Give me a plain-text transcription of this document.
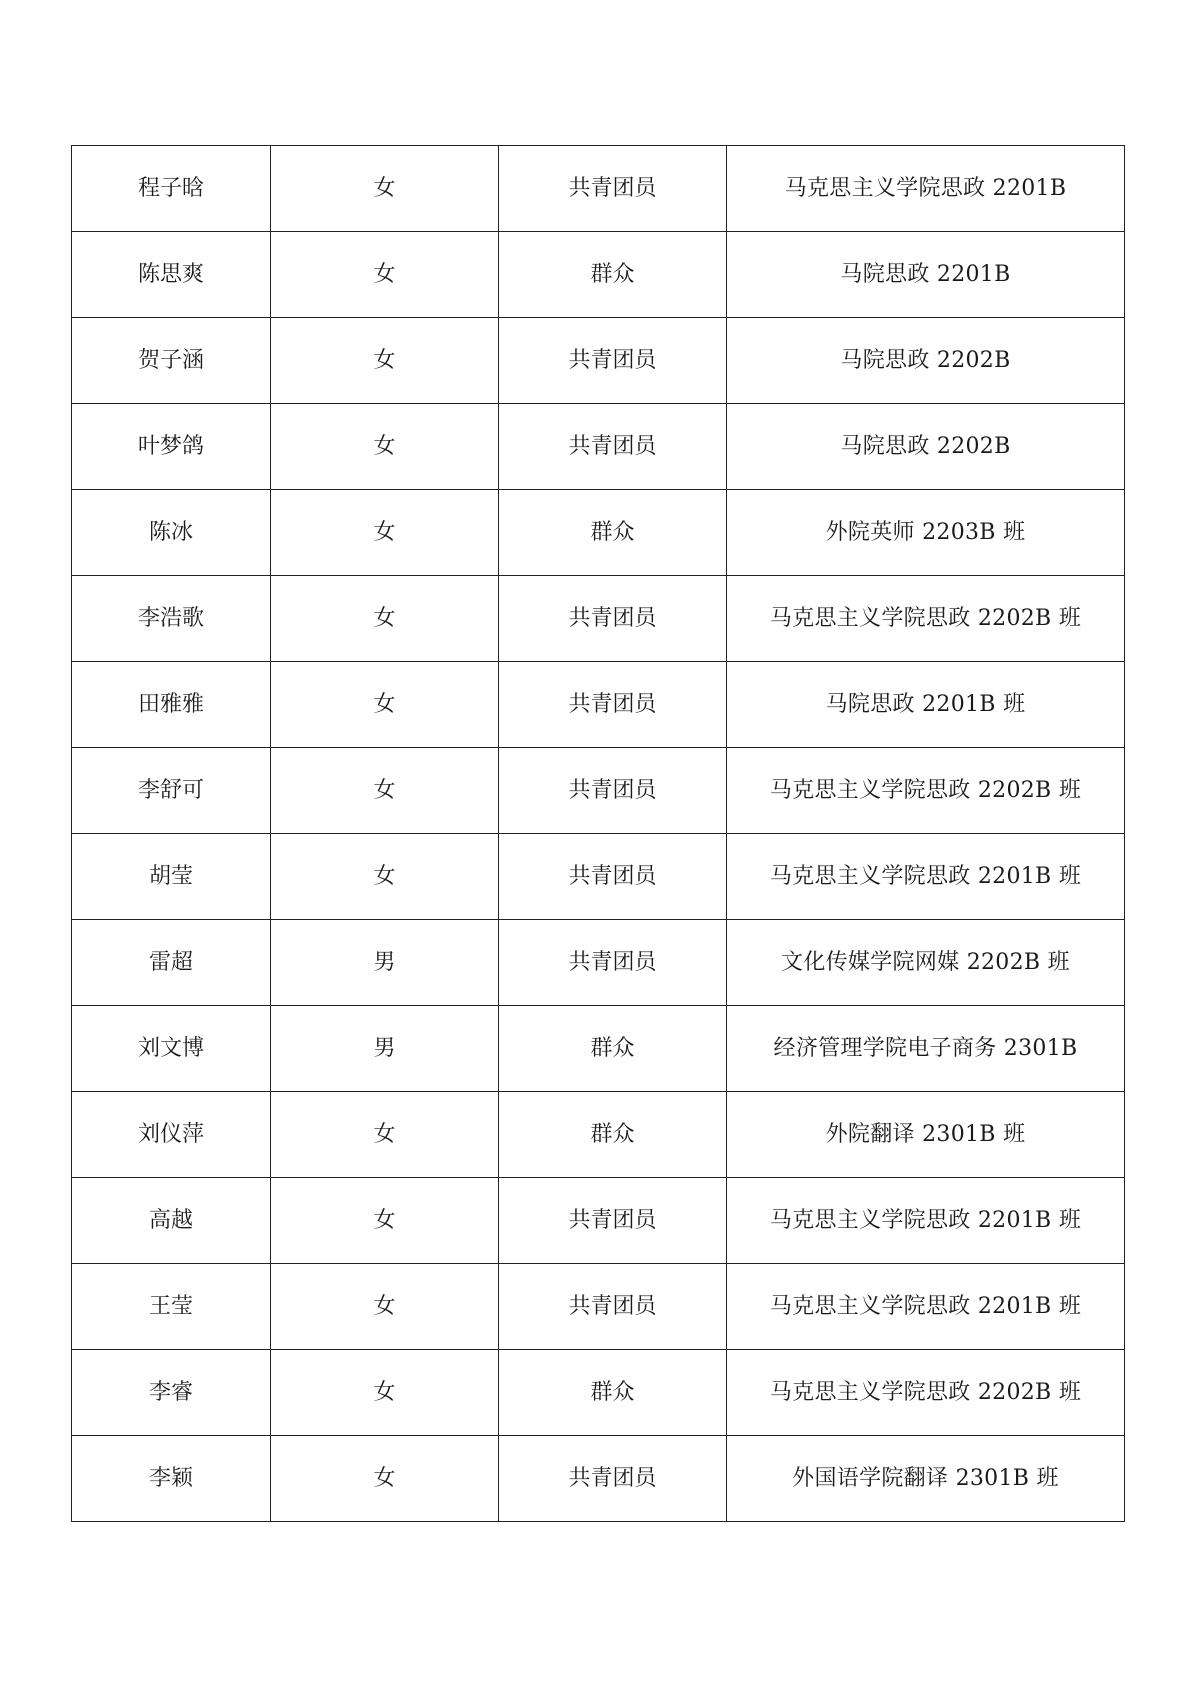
程子晗	女	共青团员	马克思主义学院思政 2201B
陈思爽	女	群众	马院思政 2201B
贺子涵	女	共青团员	马院思政 2202B
叶梦鸽	女	共青团员	马院思政 2202B
陈冰	女	群众	外院英师 2203B 班
李浩歌	女	共青团员	马克思主义学院思政 2202B 班
田雅雅	女	共青团员	马院思政 2201B 班
李舒可	女	共青团员	马克思主义学院思政 2202B 班
胡莹	女	共青团员	马克思主义学院思政 2201B 班
雷超	男	共青团员	文化传媒学院网媒 2202B 班
刘文博	男	群众	经济管理学院电子商务 2301B
刘仪萍	女	群众	外院翻译 2301B 班
高越	女	共青团员	马克思主义学院思政 2201B 班
王莹	女	共青团员	马克思主义学院思政 2201B 班
李睿	女	群众	马克思主义学院思政 2202B 班
李颖	女	共青团员	外国语学院翻译 2301B 班
